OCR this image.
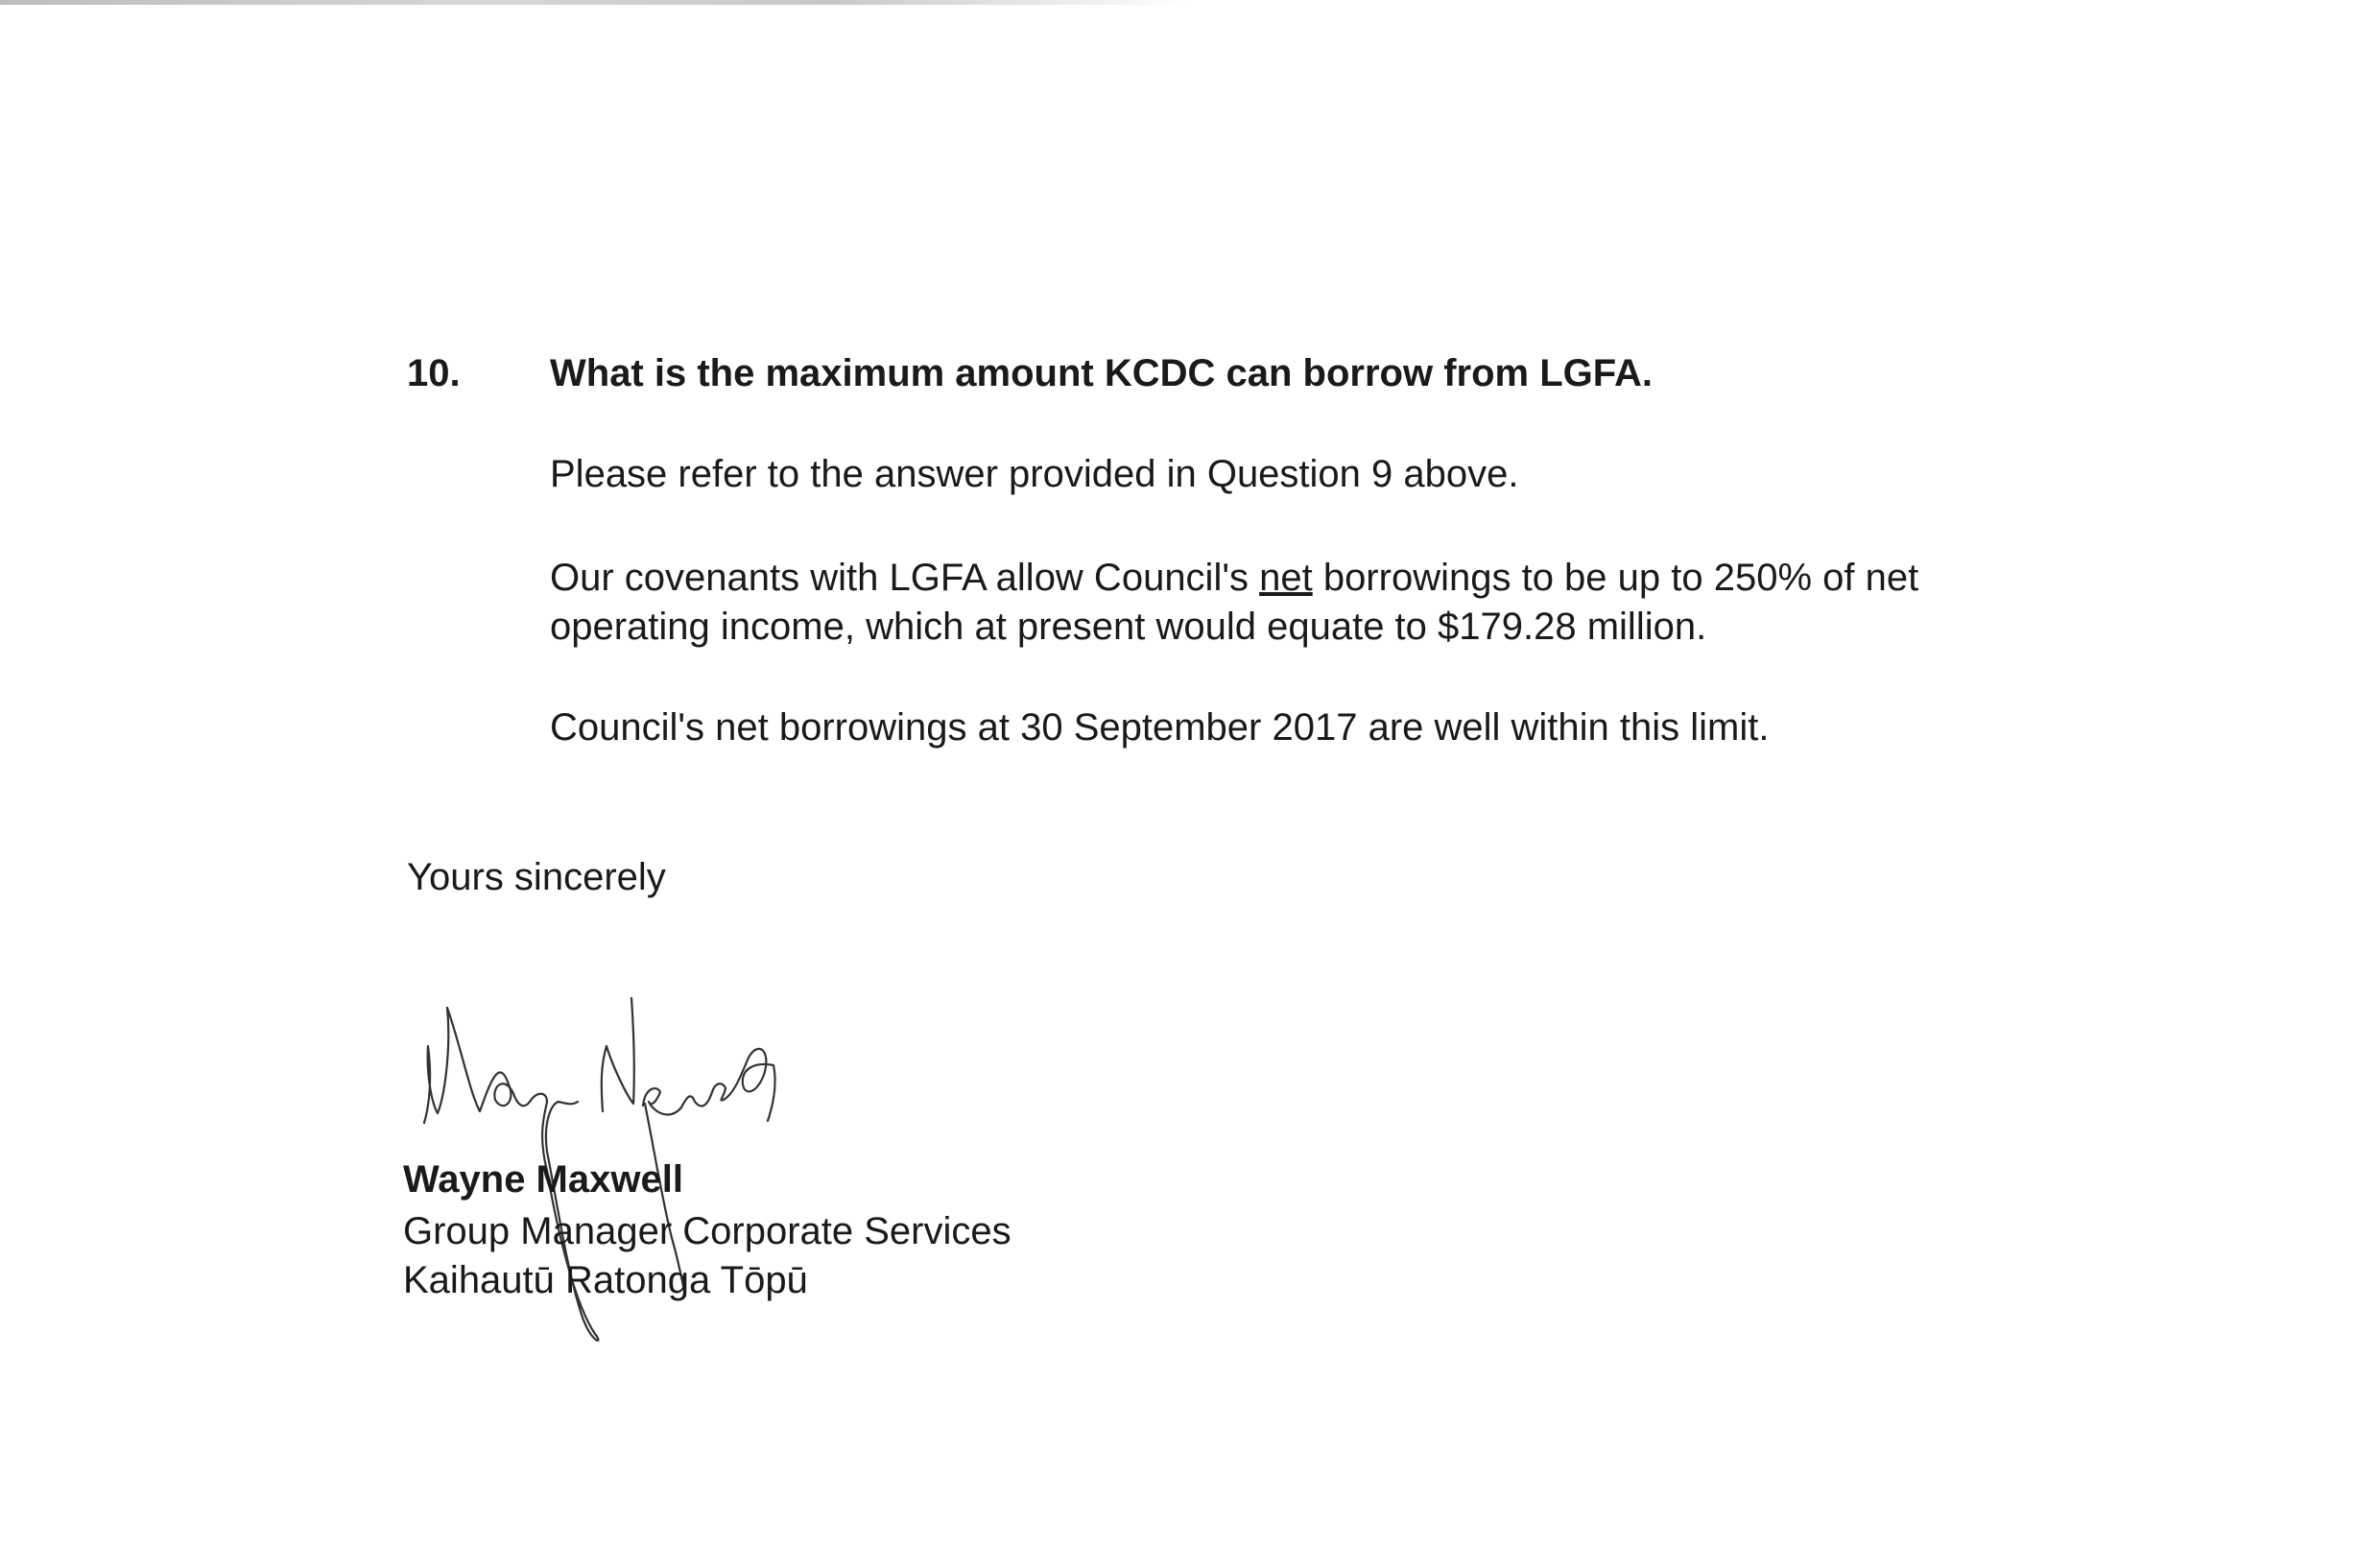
10. What is the maximum amount KCDC can borrow from LGFA.
Please refer to the answer provided in Question 9 above.
Our covenants with LGFA allow Council's net borrowings to be up to 250% of net
operating income, which at present would equate to $179.28 million.
Council's net borrowings at 30 September 2017 are well within this limit.
Yours sincerely
Wayne Maxwell
Group Manager Corporate Services
Kaihautū Ratonga Tōpū
